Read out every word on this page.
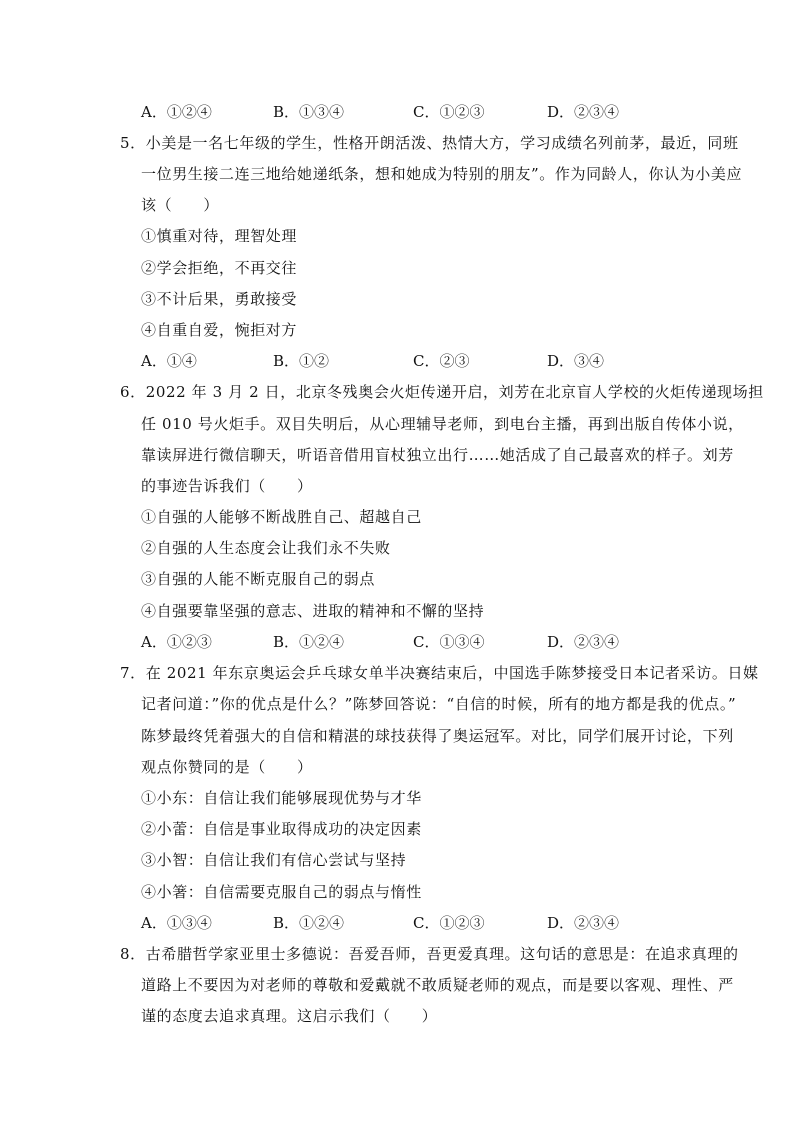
A．①②④	B．①③④	C．①②③	D．②③④
5．小美是一名七年级的学生，性格开朗活泼、热情大方，学习成绩名列前茅，最近，同班
一位男生接二连三地给她递纸条，想和她成为特别的朋友”。作为同龄人，你认为小美应
该（　　）
①慎重对待，理智处理
②学会拒绝，不再交往
③不计后果，勇敢接受
④自重自爱，惋拒对方
A．①④	B．①②	C．②③	D．③④
6．2022 年 3 月 2 日，北京冬残奥会火炬传递开启，刘芳在北京盲人学校的火炬传递现场担
任 010 号火炬手。双目失明后，从心理辅导老师，到电台主播，再到出版自传体小说，
靠读屏进行微信聊天，听语音借用盲杖独立出行……她活成了自己最喜欢的样子。刘芳
的事迹告诉我们（　　）
①自强的人能够不断战胜自己、超越自己
②自强的人生态度会让我们永不失败
③自强的人能不断克服自己的弱点
④自强要靠坚强的意志、进取的精神和不懈的坚持
A．①②③	B．①②④	C．①③④	D．②③④
7．在 2021 年东京奥运会乒乓球女单半决赛结束后，中国选手陈梦接受日本记者采访。日媒
记者问道：”你的优点是什么？”陈梦回答说：“自信的时候，所有的地方都是我的优点。”
陈梦最终凭着强大的自信和精湛的球技获得了奥运冠军。对比，同学们展开讨论，下列
观点你赞同的是（　　）
①小东：自信让我们能够展现优势与才华
②小蕾：自信是事业取得成功的决定因素
③小智：自信让我们有信心尝试与坚持
④小箸：自信需要克服自己的弱点与惰性
A．①③④	B．①②④	C．①②③	D．②③④
8．古希腊哲学家亚里士多德说：吾爱吾师，吾更爱真理。这句话的意思是：在追求真理的
道路上不要因为对老师的尊敬和爱戴就不敢质疑老师的观点，而是要以客观、理性、严
谨的态度去追求真理。这启示我们（　　）
